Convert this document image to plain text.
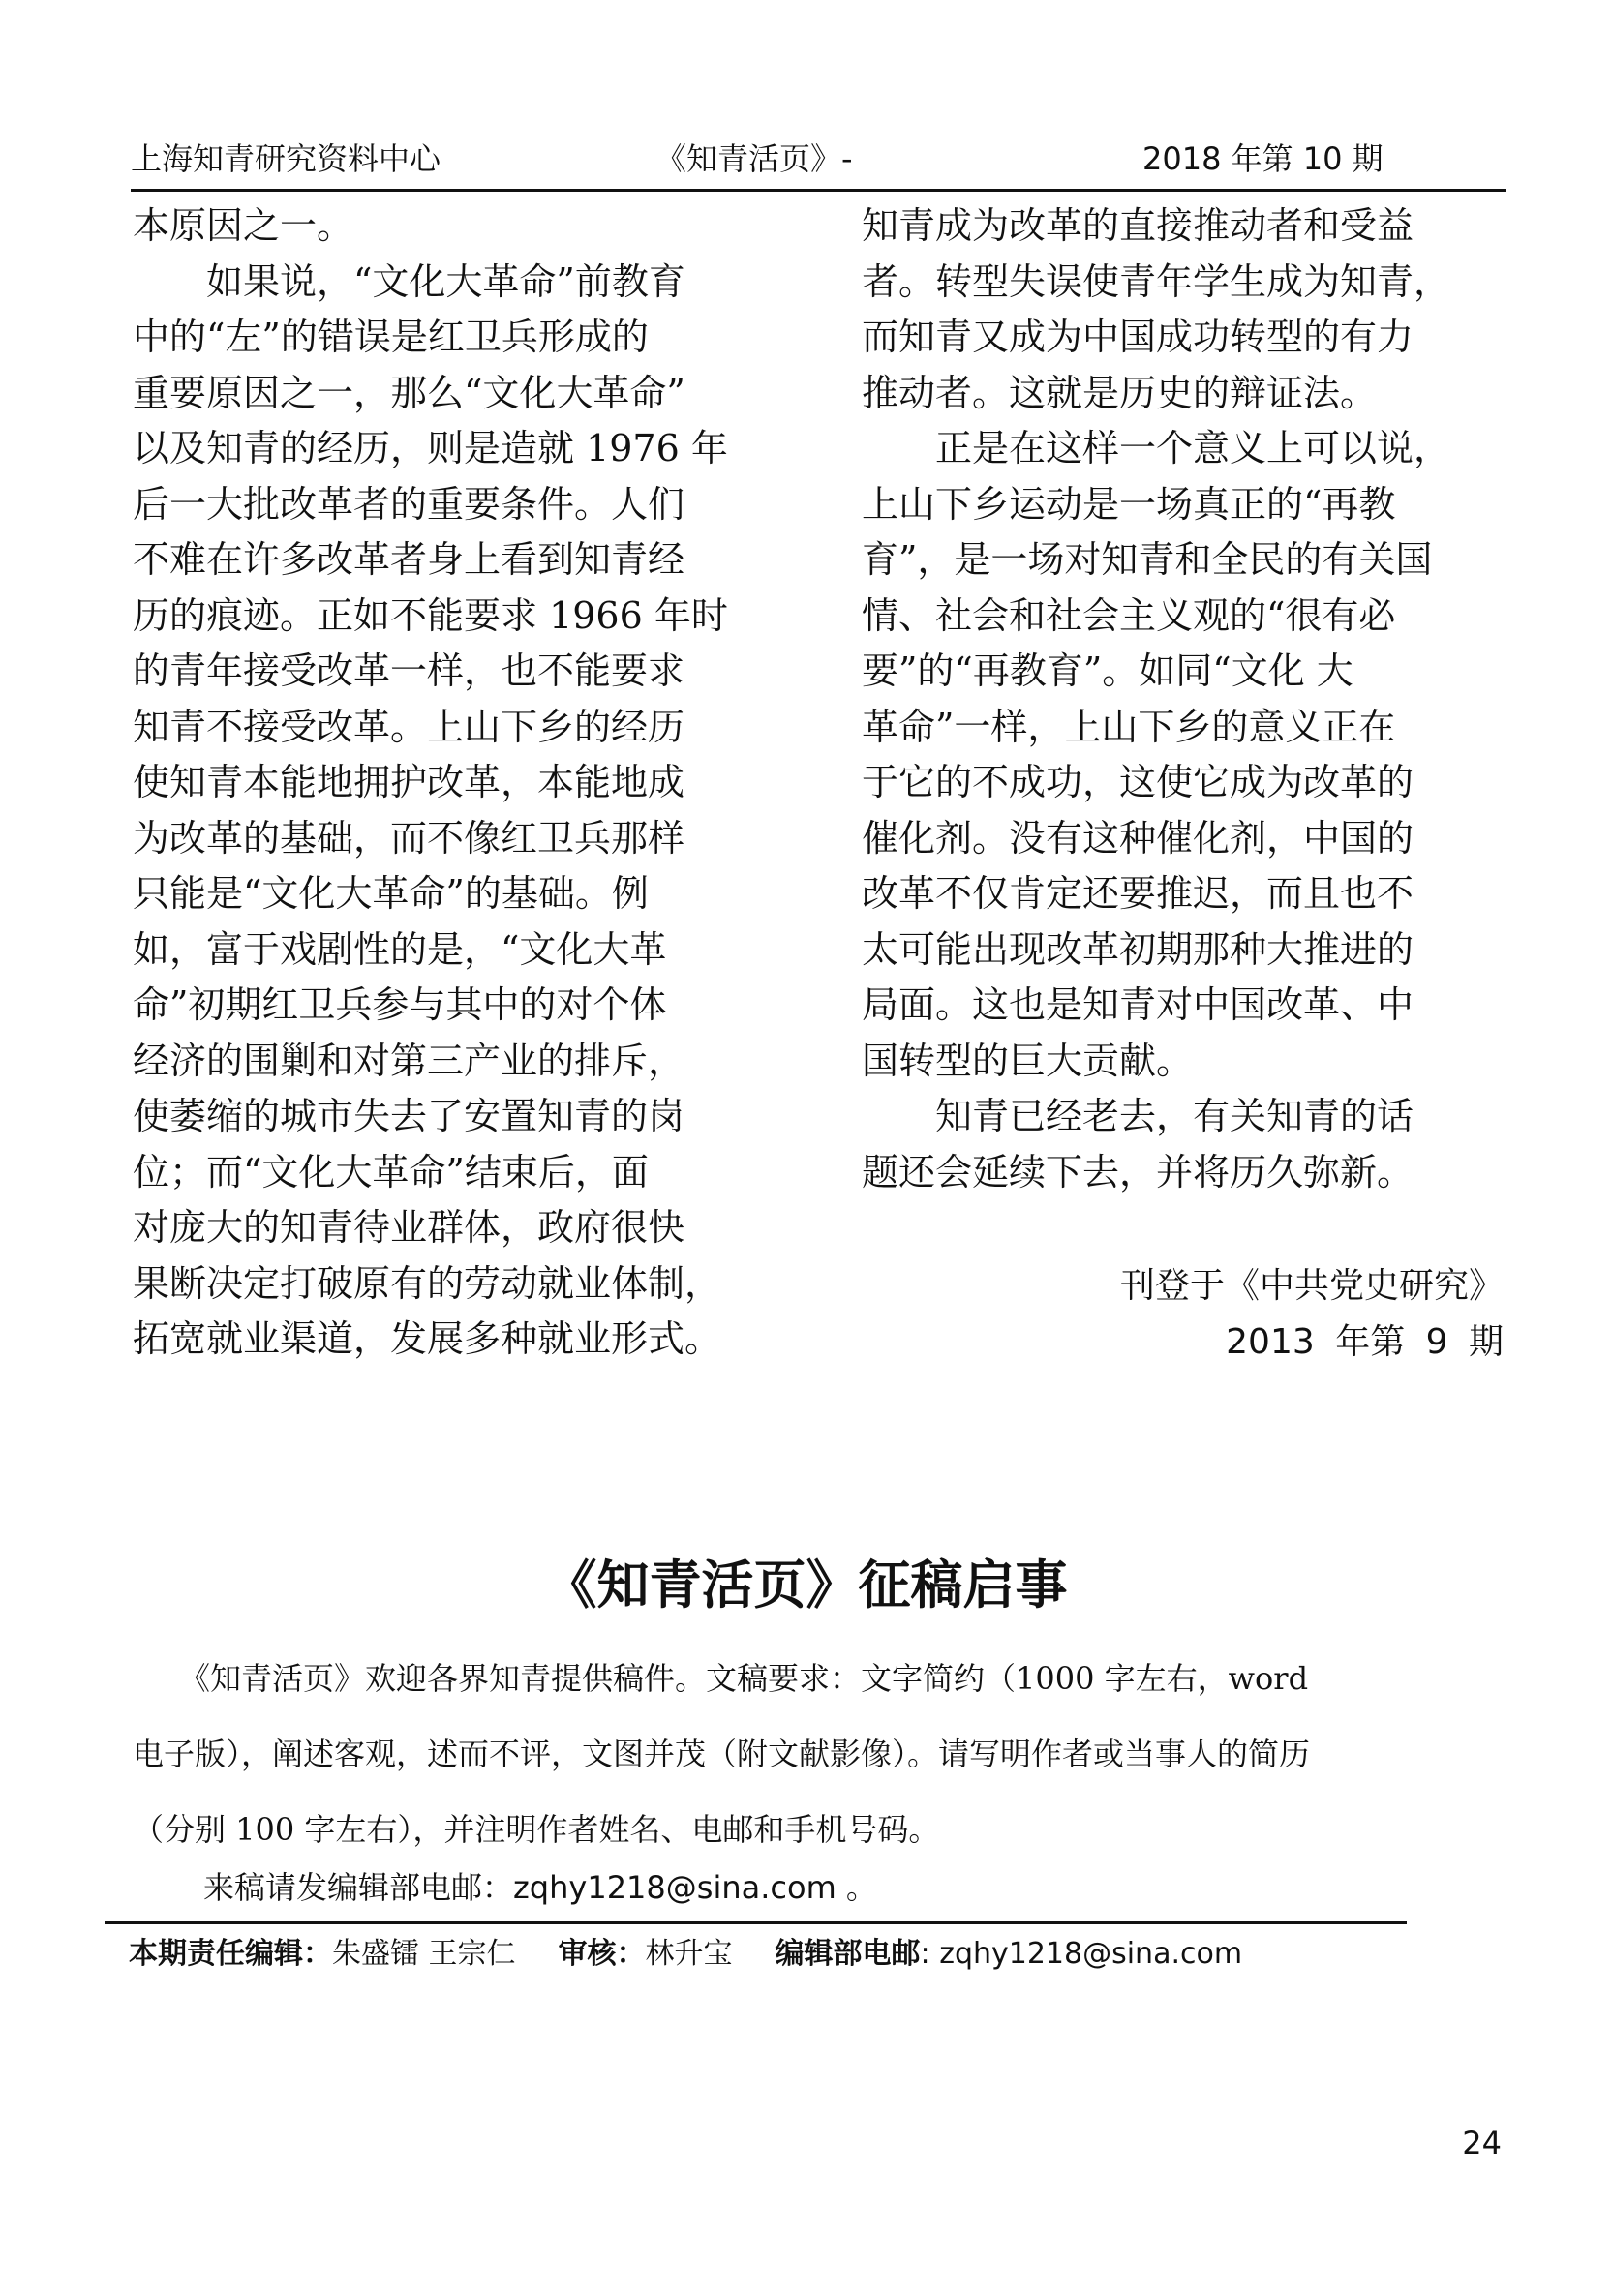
上海知青研究资料中心	《知青活页》-	2018 年第 10 期
本原因之一。
　　如果说，“文化大革命”前教育
中的“左”的错误是红卫兵形成的
重要原因之一，那么“文化大革命”
以及知青的经历，则是造就 1976 年
后一大批改革者的重要条件。人们
不难在许多改革者身上看到知青经
历的痕迹。正如不能要求 1966 年时
的青年接受改革一样，也不能要求
知青不接受改革。上山下乡的经历
使知青本能地拥护改革，本能地成
为改革的基础，而不像红卫兵那样
只能是“文化大革命”的基础。例
如，富于戏剧性的是，“文化大革
命”初期红卫兵参与其中的对个体
经济的围剿和对第三产业的排斥，
使萎缩的城市失去了安置知青的岗
位；而“文化大革命”结束后，面
对庞大的知青待业群体，政府很快
果断决定打破原有的劳动就业体制，
拓宽就业渠道，发展多种就业形式。
知青成为改革的直接推动者和受益
者。转型失误使青年学生成为知青，
而知青又成为中国成功转型的有力
推动者。这就是历史的辩证法。
　　正是在这样一个意义上可以说，
上山下乡运动是一场真正的“再教
育”，是一场对知青和全民的有关国
情、社会和社会主义观的“很有必
要”的“再教育”。如同“文化 大
革命”一样，上山下乡的意义正在
于它的不成功，这使它成为改革的
催化剂。没有这种催化剂，中国的
改革不仅肯定还要推迟，而且也不
太可能出现改革初期那种大推进的
局面。这也是知青对中国改革、中
国转型的巨大贡献。
　　知青已经老去，有关知青的话
题还会延续下去，并将历久弥新。
刊登于《中共党史研究》
2013 年第 9 期
《知青活页》征稿启事
　　《知青活页》欢迎各界知青提供稿件。文稿要求：文字简约（1000 字左右，word
电子版），阐述客观，述而不评，文图并茂（附文献影像）。请写明作者或当事人的简历
（分别 100 字左右），并注明作者姓名、电邮和手机号码。
来稿请发编辑部电邮：zqhy1218@sina.com 。
本期责任编辑：朱盛镭 王宗仁 审核：林升宝 编辑部电邮: zqhy1218@sina.com
24
